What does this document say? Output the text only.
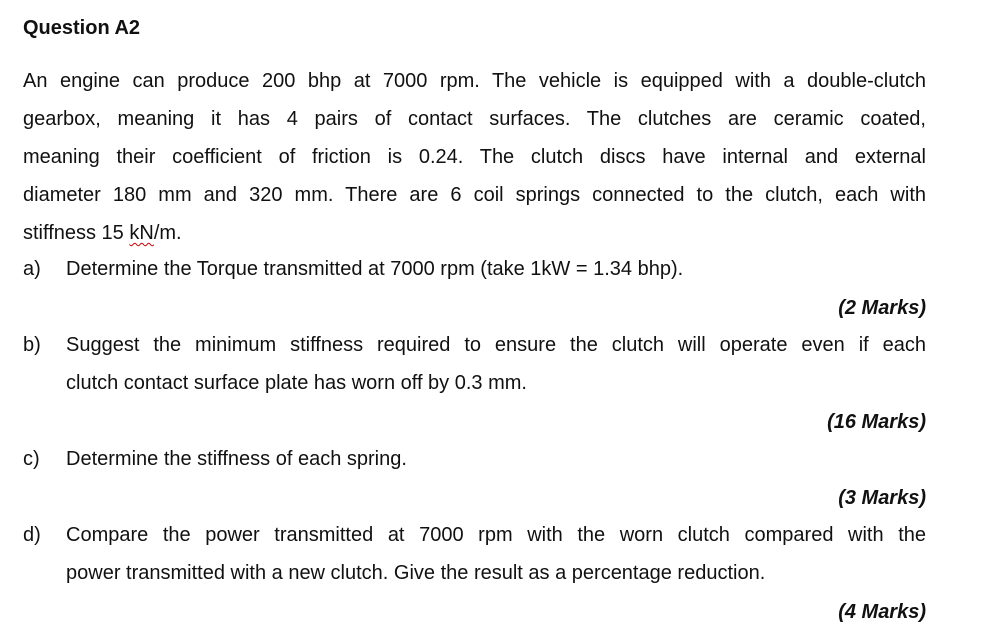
Question A2
An engine can produce 200 bhp at 7000 rpm. The vehicle is equipped with a double-clutch
gearbox, meaning it has 4 pairs of contact surfaces. The clutches are ceramic coated,
meaning their coefficient of friction is 0.24. The clutch discs have internal and external
diameter 180 mm and 320 mm. There are 6 coil springs connected to the clutch, each with
stiffness 15 kN/m.
a)	Determine the Torque transmitted at 7000 rpm (take 1kW = 1.34 bhp).
(2 Marks)
b)	Suggest the minimum stiffness required to ensure the clutch will operate even if each
clutch contact surface plate has worn off by 0.3 mm.
(16 Marks)
c)	Determine the stiffness of each spring.
(3 Marks)
d)	Compare the power transmitted at 7000 rpm with the worn clutch compared with the
power transmitted with a new clutch. Give the result as a percentage reduction.
(4 Marks)
